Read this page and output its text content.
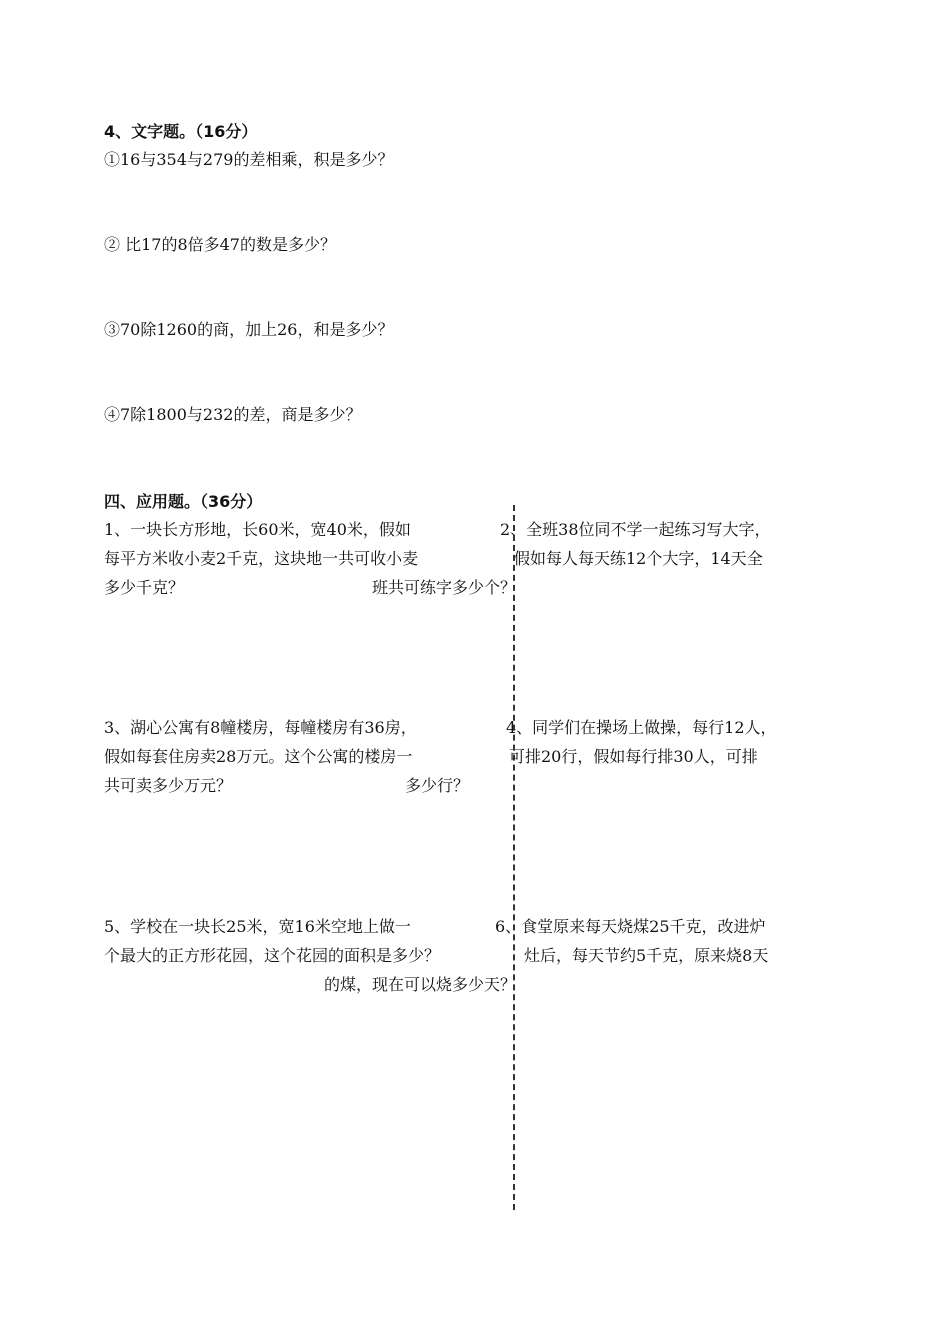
4、文字题。（16分）
①16与354与279的差相乘，积是多少？
② 比17的8倍多47的数是多少？
③70除1260的商，加上26，和是多少？
④7除1800与232的差，商是多少？
四、应用题。（36分）
1、一块长方形地，长60米，宽40米，假如
每平方米收小麦2千克，这块地一共可收小麦
多少千克？
2、全班38位同不学一起练习写大字，
假如每人每天练12个大字，14天全
班共可练字多少个？
3、湖心公寓有8幢楼房，每幢楼房有36房，
假如每套住房卖28万元。这个公寓的楼房一
共可卖多少万元？
4、同学们在操场上做操，每行12人，
可排20行，假如每行排30人，可排
多少行？
5、学校在一块长25米，宽16米空地上做一
个最大的正方形花园，这个花园的面积是多少？
6、食堂原来每天烧煤25千克，改进炉
灶后，每天节约5千克，原来烧8天
的煤，现在可以烧多少天？
